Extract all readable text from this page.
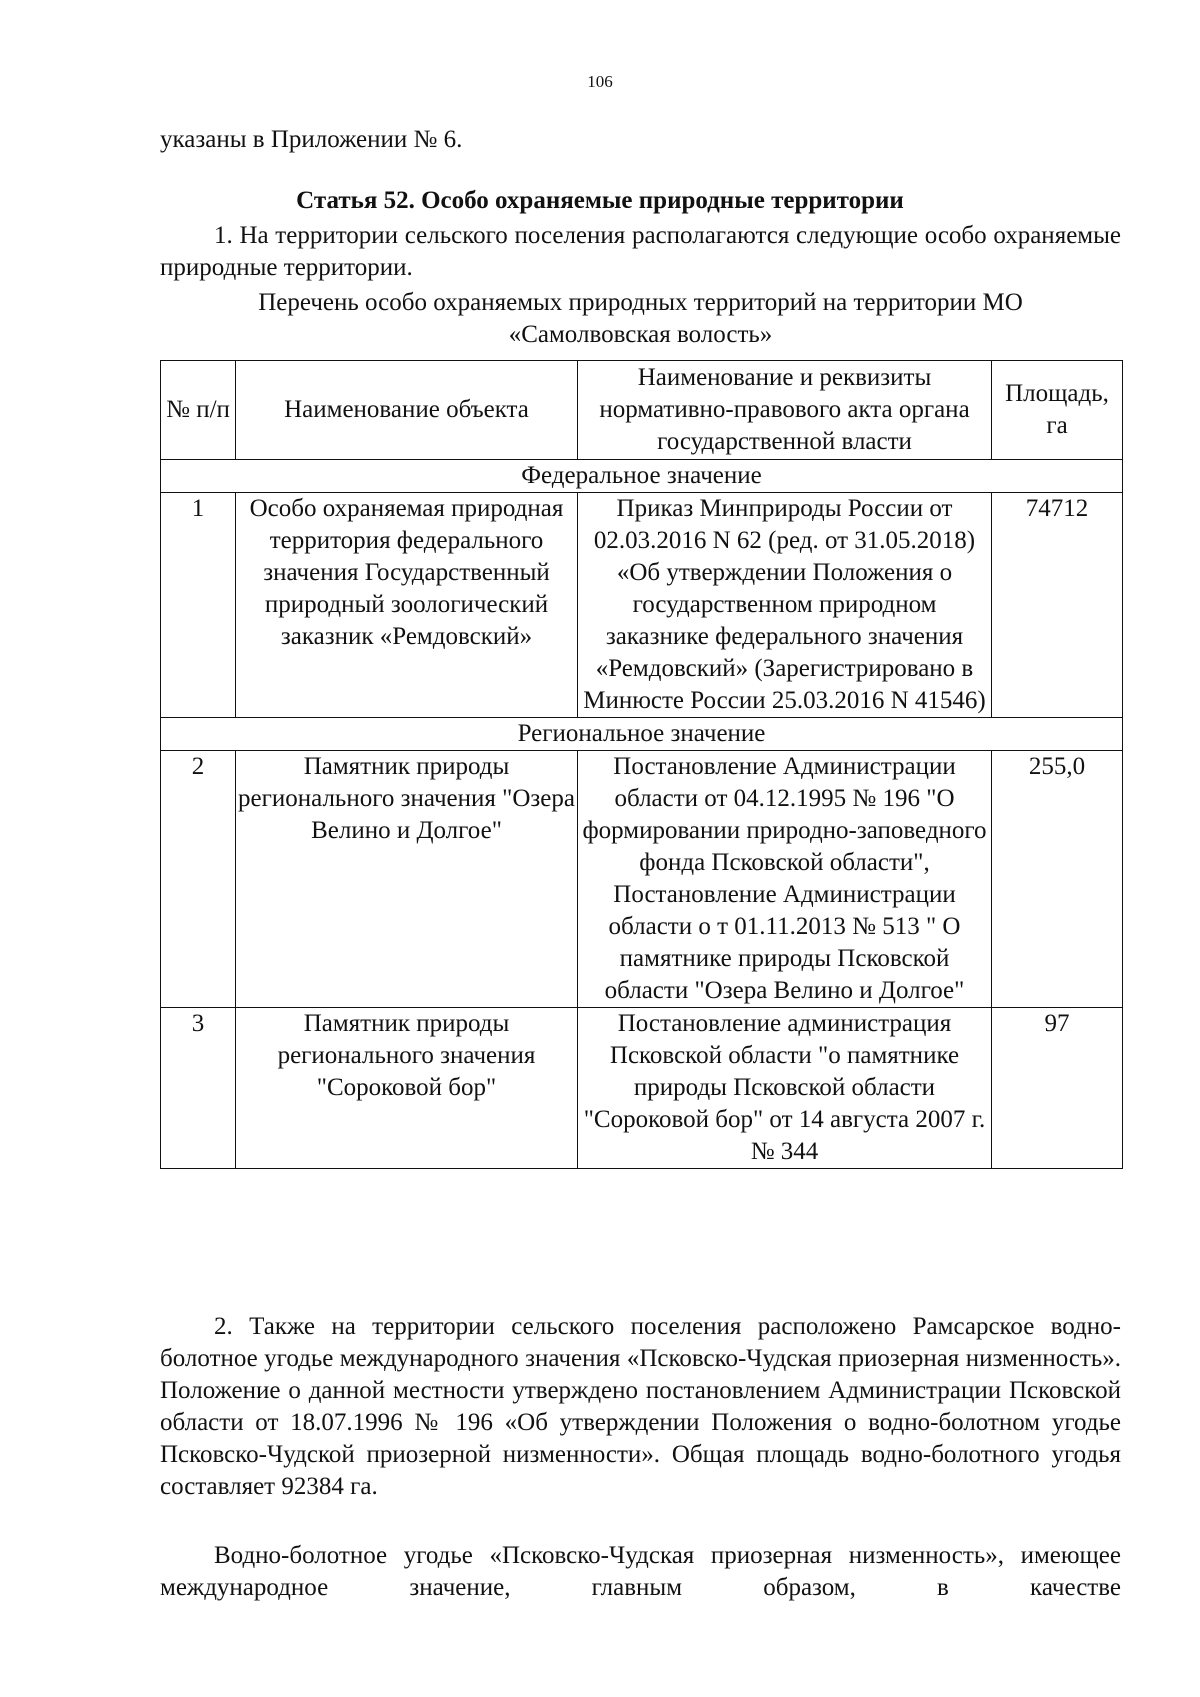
106
указаны в Приложении № 6.
Статья 52. Особо охраняемые природные территории
1. На территории сельского поселения располагаются следующие особо охраняемые природные территории.
Перечень особо охраняемых природных территорий на территории МО
«Самолвовская волость»
№ п/п	Наименование объекта	Наименование и реквизиты нормативно-правового акта органа государственной власти	Площадь, га
Федеральное значение			
1	Особо охраняемая природная территория федерального значения Государственный природный зоологический заказник «Ремдовский»	Приказ Минприроды России от 02.03.2016 N 62 (ред. от 31.05.2018) «Об утверждении Положения о государственном природном заказнике федерального значения «Ремдовский» (Зарегистрировано в Минюсте России 25.03.2016 N 41546)	74712
Региональное значение			
2	Памятник природы регионального значения "Озера Велино и Долгое"	Постановление Администрации области от 04.12.1995 № 196 "О формировании природно-заповедного фонда Псковской области", Постановление Администрации области о т 01.11.2013 № 513 " О памятнике природы Псковской области "Озера Велино и Долгое"	255,0
3	Памятник природы регионального значения "Сороковой бор"	Постановление администрация Псковской области "о памятнике природы Псковской области "Сороковой бор" от 14 августа 2007 г. № 344	97
2. Также на территории сельского поселения расположено Рамсарское водно-болотное угодье международного значения «Псковско-Чудская приозерная низменность». Положение о данной местности утверждено постановлением Администрации Псковской области от 18.07.1996 № 196 «Об утверждении Положения о водно-болотном угодье Псковско-Чудской приозерной низменности». Общая площадь водно-болотного угодья составляет 92384 га.
Водно-болотное угодье «Псковско-Чудская приозерная низменность», имеющее международное значение, главным образом, в качестве
